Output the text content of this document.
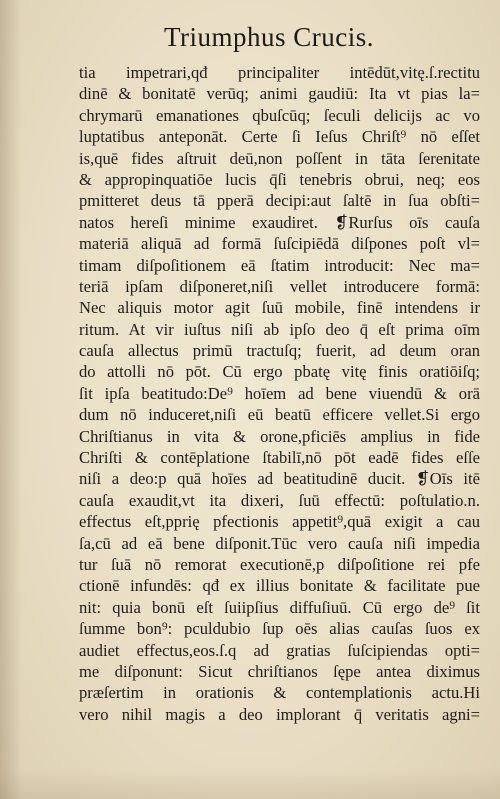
Triumphus Crucis.
tia impetrari,qđ principaliter intēdūt,vitę.ſ.rectitu
dinē & bonitatē verūq; animi gaudiū: Ita vt pias la=
chrymarū emanationes qbuſcūq; ſeculi delicijs ac vo
luptatibus anteponāt. Certe ſi Ieſus Chriſt⁹ nō eſſet
is,quē fides aſtruit deū,non poſſent in tāta ſerenitate
& appropinquatiōe lucis q̄ſi tenebris obrui, neq; eos
pmitteret deus tā pperā decipi:aut ſaltē in ſua obſti=
natos hereſi minime exaudiret. ❡Rurſus oīs cauſa
materiā aliquā ad formā ſuſcipiēdā diſpones poſt vl=
timam diſpoſitionem eā ſtatim introducit: Nec ma=
teriā ipſam diſponeret,niſi vellet introducere formā:
Nec aliquis motor agit ſuū mobile, finē intendens ir
ritum. At vir iuſtus niſi ab ipſo deo q̄ eſt prima oīm
cauſa allectus primū tractuſq; fuerit, ad deum oran
do attolli nō pōt. Cū ergo pbatę vitę finis oratiōiſq;
ſit ipſa beatitudo:De⁹ hoīem ad bene viuendū & orā
dum nō induceret,niſi eū beatū efficere vellet.Si ergo
Chriſtianus in vita & orone,pficiēs amplius in fide
Chriſti & contēplatione ſtabilī,nō pōt eadē fides eſſe
niſi a deo:p quā hoīes ad beatitudinē ducit. ❡Oīs itē
cauſa exaudit,vt ita dixeri, ſuū effectū: poſtulatio.n.
effectus eſt,pprię pfectionis appetit⁹,quā exigit a cau
ſa,cū ad eā bene diſponit.Tūc vero cauſa niſi impedia
tur ſuā nō remorat executionē,p diſpoſitione rei pfe
ctionē infundēs: qđ ex illius bonitate & facilitate pue
nit: quia bonū eſt ſuiipſius diffuſiuū. Cū ergo de⁹ ſit
ſumme bon⁹: pculdubio ſup oēs alias cauſas ſuos ex
audiet effectus,eos.ſ.q ad gratias ſuſcipiendas opti=
me diſponunt: Sicut chriſtianos ſępe antea diximus
præſertim in orationis & contemplationis actu.Hi
vero nihil magis a deo implorant q̄ veritatis agni=
